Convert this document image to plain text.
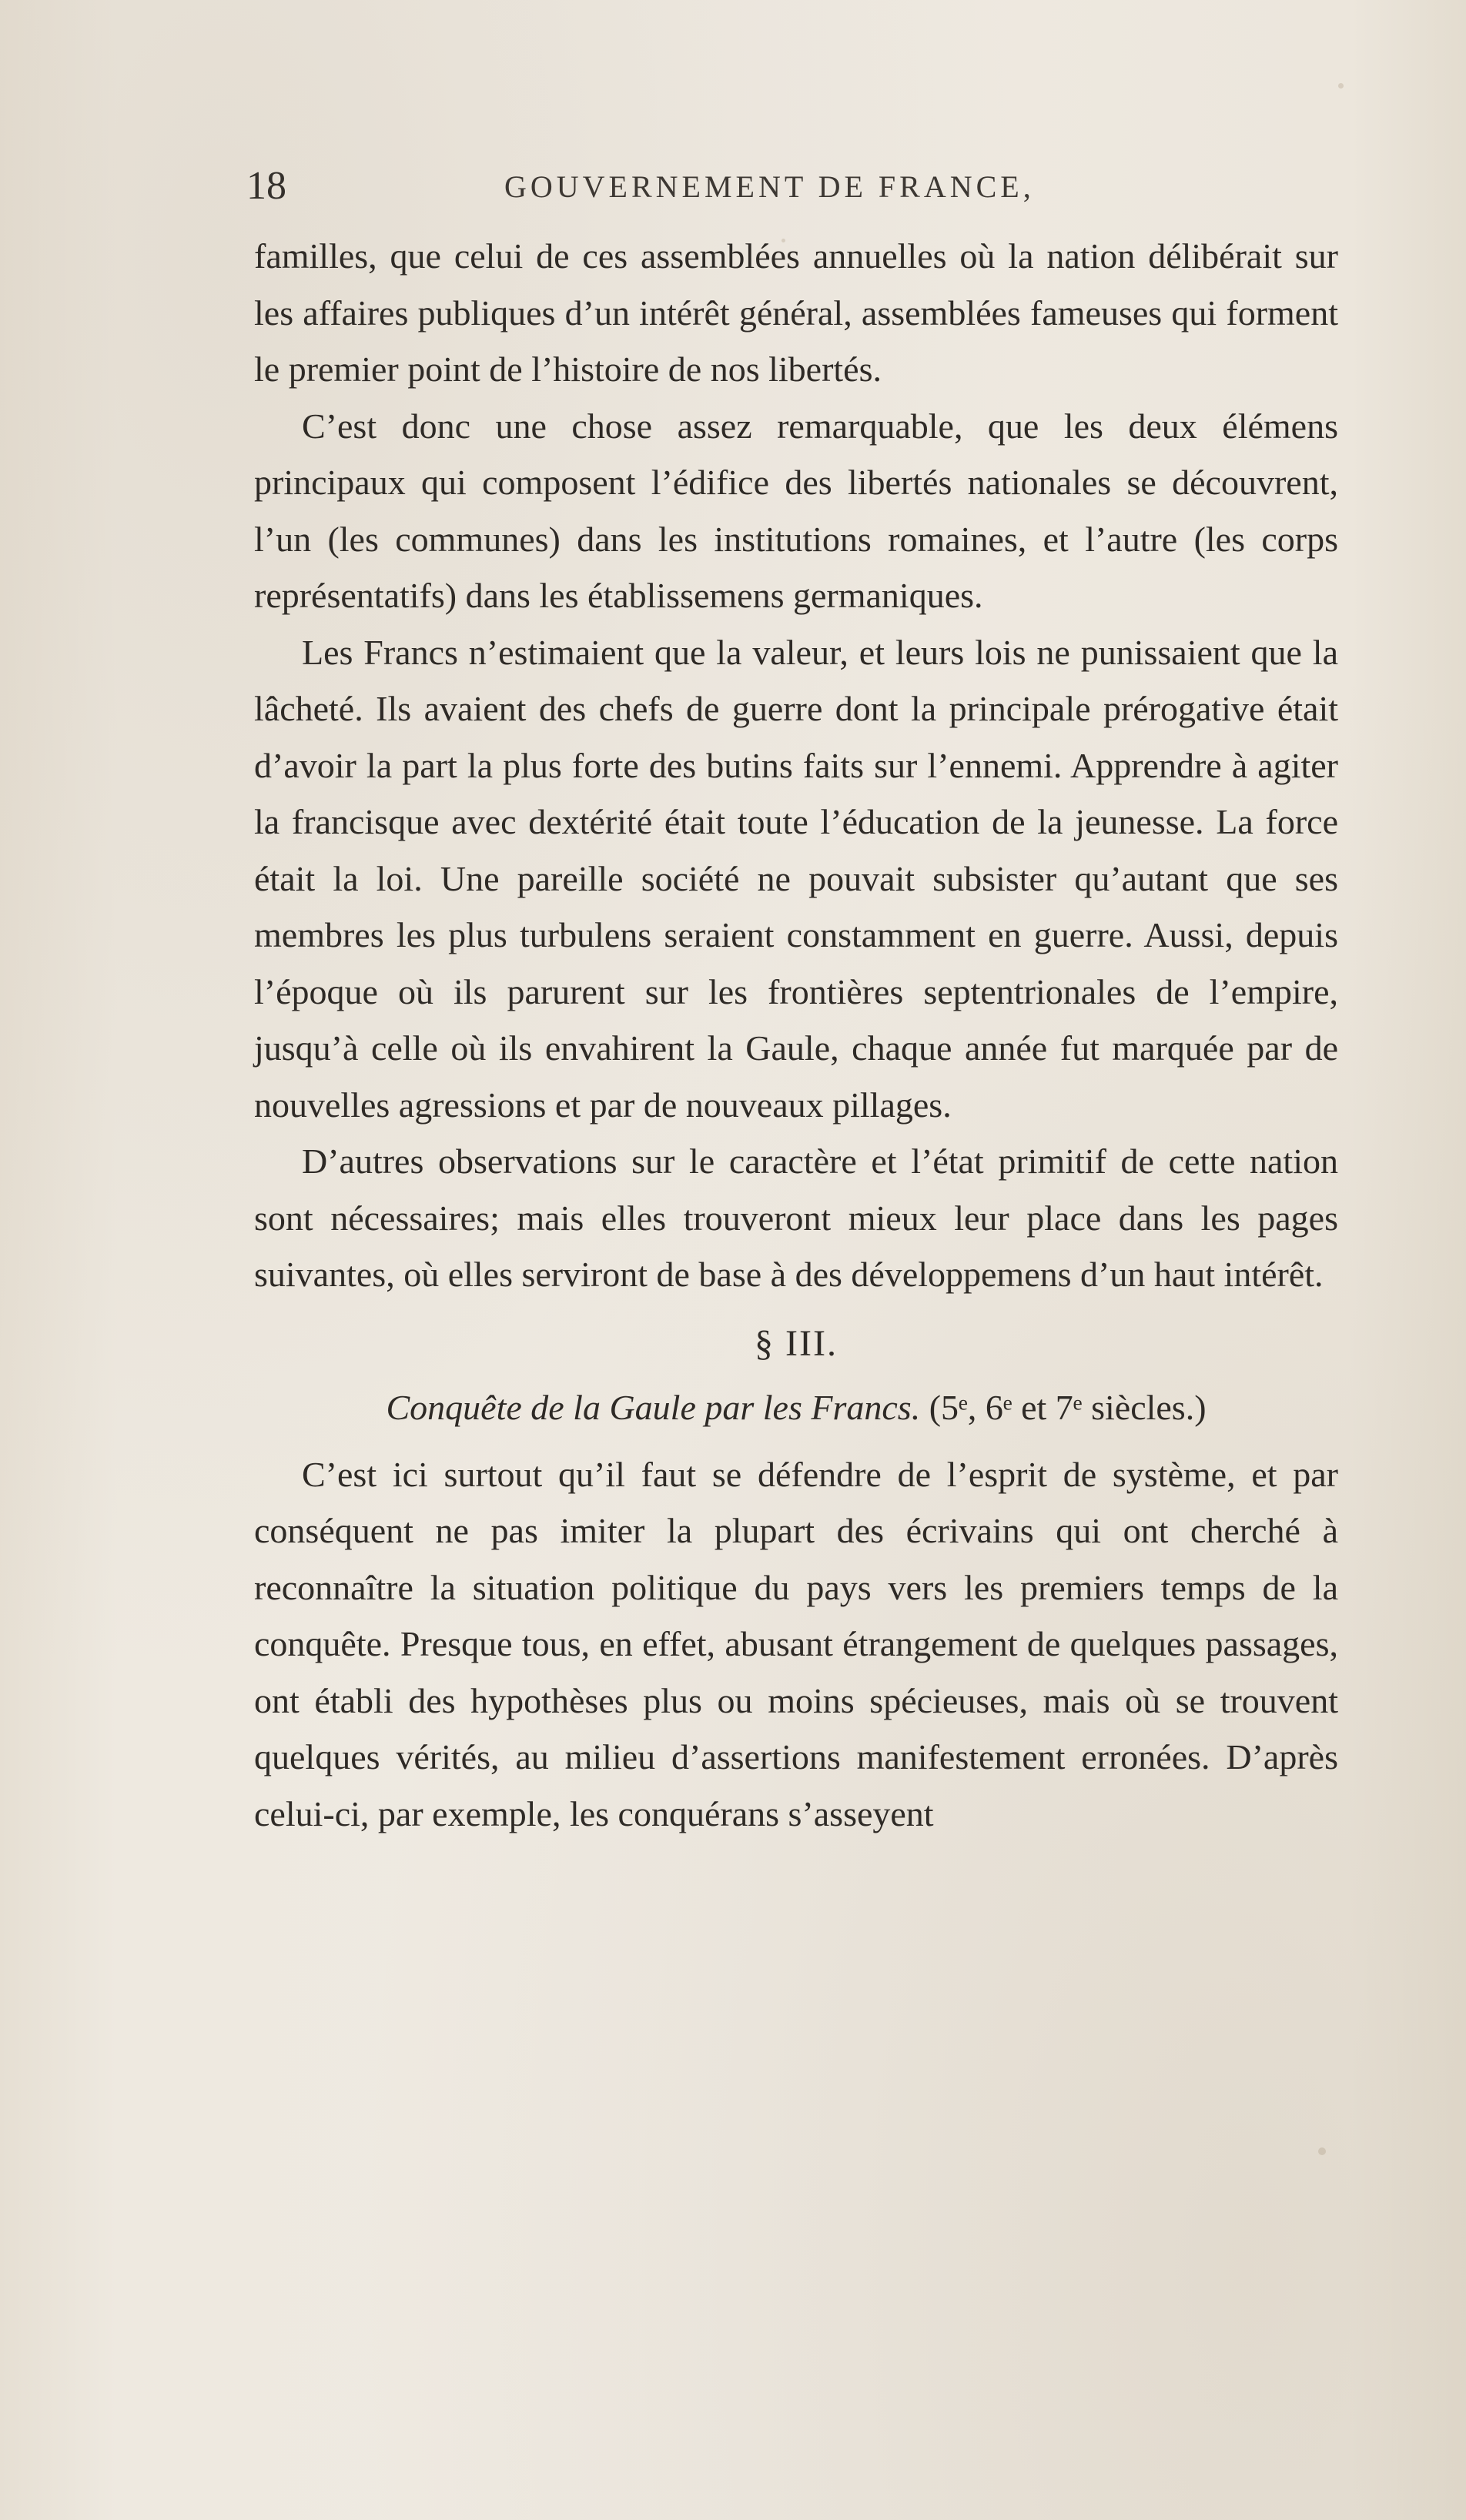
18	GOUVERNEMENT DE FRANCE,

familles, que celui de ces assemblées annuelles où la nation délibérait sur les affaires publiques d’un intérêt général, assemblées fameuses qui forment le premier point de l’histoire de nos libertés.

C’est donc une chose assez remarquable, que les deux élémens principaux qui composent l’édifice des libertés nationales se découvrent, l’un (les communes) dans les institutions romaines, et l’autre (les corps représentatifs) dans les établissemens germaniques.

Les Francs n’estimaient que la valeur, et leurs lois ne punissaient que la lâcheté. Ils avaient des chefs de guerre dont la principale prérogative était d’avoir la part la plus forte des butins faits sur l’ennemi. Apprendre à agiter la francisque avec dextérité était toute l’éducation de la jeunesse. La force était la loi. Une pareille société ne pouvait subsister qu’autant que ses membres les plus turbulens seraient constamment en guerre. Aussi, depuis l’époque où ils parurent sur les frontières septentrionales de l’empire, jusqu’à celle où ils envahirent la Gaule, chaque année fut marquée par de nouvelles agressions et par de nouveaux pillages.

D’autres observations sur le caractère et l’état primitif de cette nation sont nécessaires; mais elles trouveront mieux leur place dans les pages suivantes, où elles serviront de base à des développemens d’un haut intérêt.

§ III.
Conquête de la Gaule par les Francs. (5ᵉ, 6ᵉ et 7ᵉ siècles.)

C’est ici surtout qu’il faut se défendre de l’esprit de système, et par conséquent ne pas imiter la plupart des écrivains qui ont cherché à reconnaître la situation politique du pays vers les premiers temps de la conquête. Presque tous, en effet, abusant étrangement de quelques passages, ont établi des hypothèses plus ou moins spécieuses, mais où se trouvent quelques vérités, au milieu d’assertions manifestement erronées. D’après celui-ci, par exemple, les conquérans s’asseyent
